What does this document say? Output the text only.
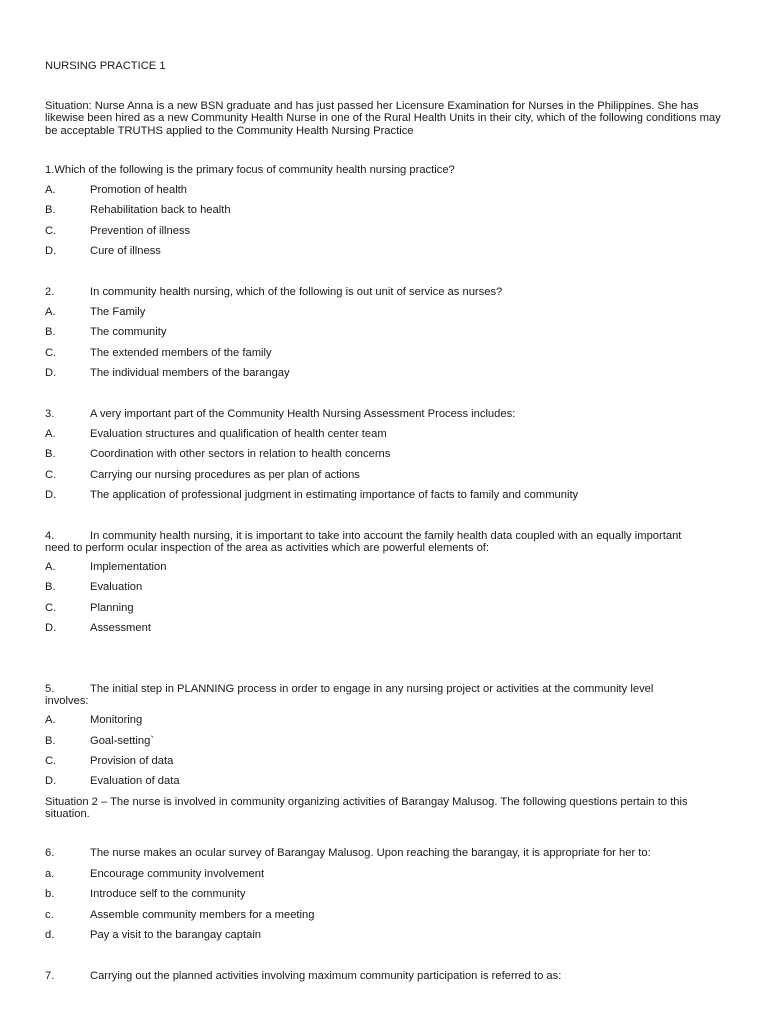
NURSING PRACTICE 1
Situation: Nurse Anna is a new BSN graduate and has just passed her Licensure Examination for Nurses in the Philippines. She has likewise been hired as a new Community Health Nurse in one of the Rural Health Units in their city, which of the following conditions may be acceptable TRUTHS applied to the Community Health Nursing Practice
1.Which of the following is the primary focus of community health nursing practice?
A.	Promotion of health
B.	Rehabilitation back to health
C.	Prevention of illness
D.	Cure of illness
2.	In community health nursing, which of the following is out unit of service as nurses?
A.	The Family
B.	The community
C.	The extended members of the family
D.	The individual members of the barangay
3.	A very important part of the Community Health Nursing Assessment Process includes:
A.	Evaluation structures and qualification of health center team
B.	Coordination with other sectors in relation to health concerns
C.	Carrying our nursing procedures as per plan of actions
D.	The application of professional judgment in estimating importance of facts to family and community
4.	In community health nursing, it is important to take into account the family health data coupled with an equally important
need to perform ocular inspection of the area as activities which are powerful elements of:
A.	Implementation
B.	Evaluation
C.	Planning
D.	Assessment
5.	The initial step in PLANNING process in order to engage in any nursing project or activities at the community level
involves:
A.	Monitoring
B.	Goal-setting`
C.	Provision of data
D.	Evaluation of data
Situation 2 – The nurse is involved in community organizing activities of Barangay Malusog. The following questions pertain to this situation.
6.	The nurse makes an ocular survey of Barangay Malusog. Upon reaching the barangay, it is appropriate for her to:
a.	Encourage community involvement
b.	Introduce self to the community
c.	Assemble community members for a meeting
d.	Pay a visit to the barangay captain
7.	Carrying out the planned activities involving maximum community participation is referred to as:
